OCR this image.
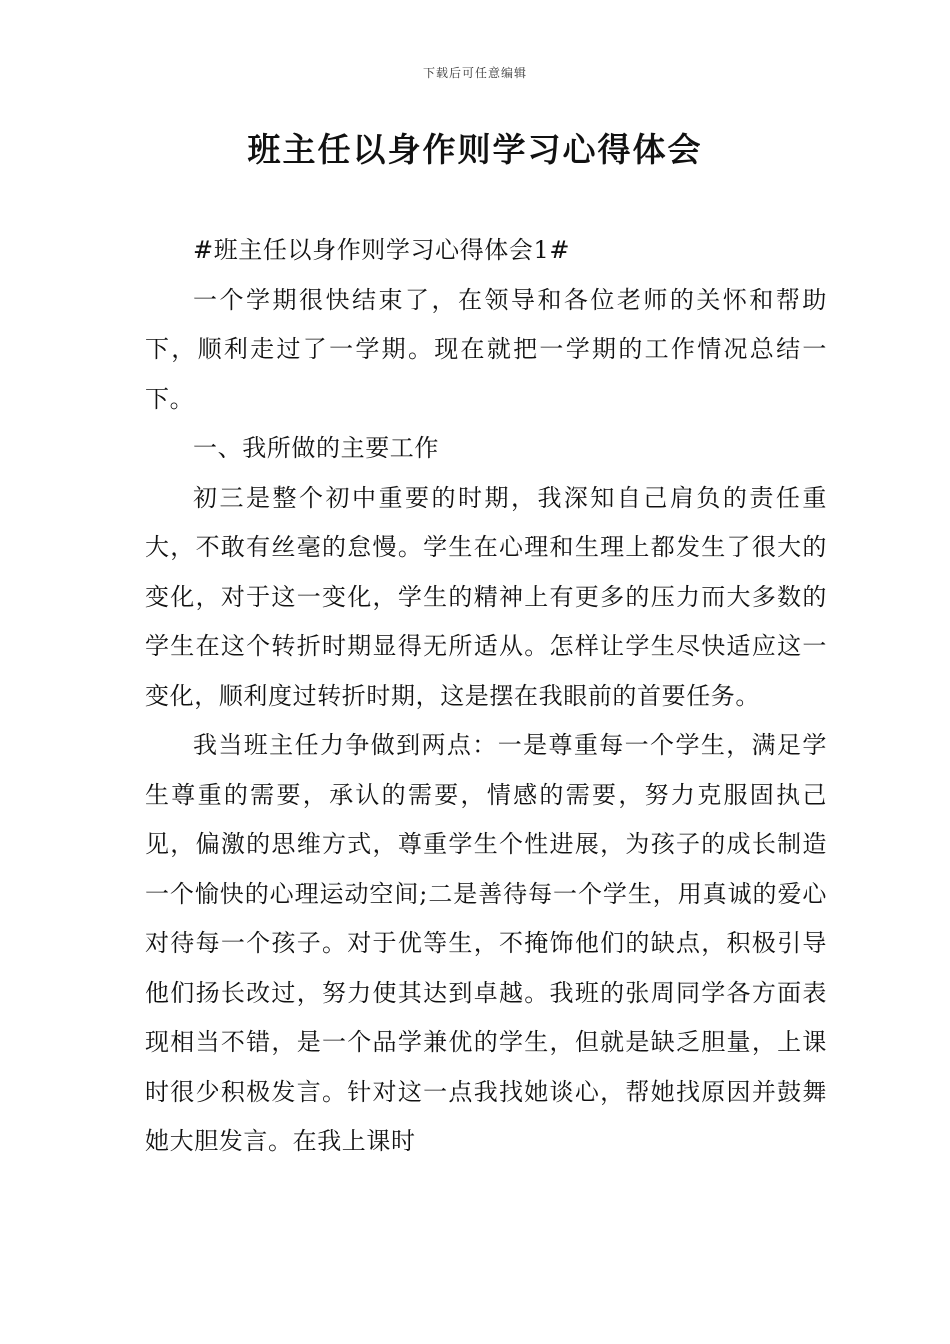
下载后可任意编辑
班主任以身作则学习心得体会

#班主任以身作则学习心得体会1#

一个学期很快结束了，在领导和各位老师的关怀和帮助下，顺利走过了一学期。现在就把一学期的工作情况总结一下。

一、我所做的主要工作

初三是整个初中重要的时期，我深知自己肩负的责任重大，不敢有丝毫的怠慢。学生在心理和生理上都发生了很大的变化，对于这一变化，学生的精神上有更多的压力而大多数的学生在这个转折时期显得无所适从。怎样让学生尽快适应这一变化，顺利度过转折时期，这是摆在我眼前的首要任务。

我当班主任力争做到两点：一是尊重每一个学生，满足学生尊重的需要，承认的需要，情感的需要，努力克服固执己见，偏激的思维方式，尊重学生个性进展，为孩子的成长制造一个愉快的心理运动空间;二是善待每一个学生，用真诚的爱心对待每一个孩子。对于优等生，不掩饰他们的缺点，积极引导他们扬长改过，努力使其达到卓越。我班的张周同学各方面表现相当不错，是一个品学兼优的学生，但就是缺乏胆量，上课时很少积极发言。针对这一点我找她谈心，帮她找原因并鼓舞她大胆发言。在我上课时
